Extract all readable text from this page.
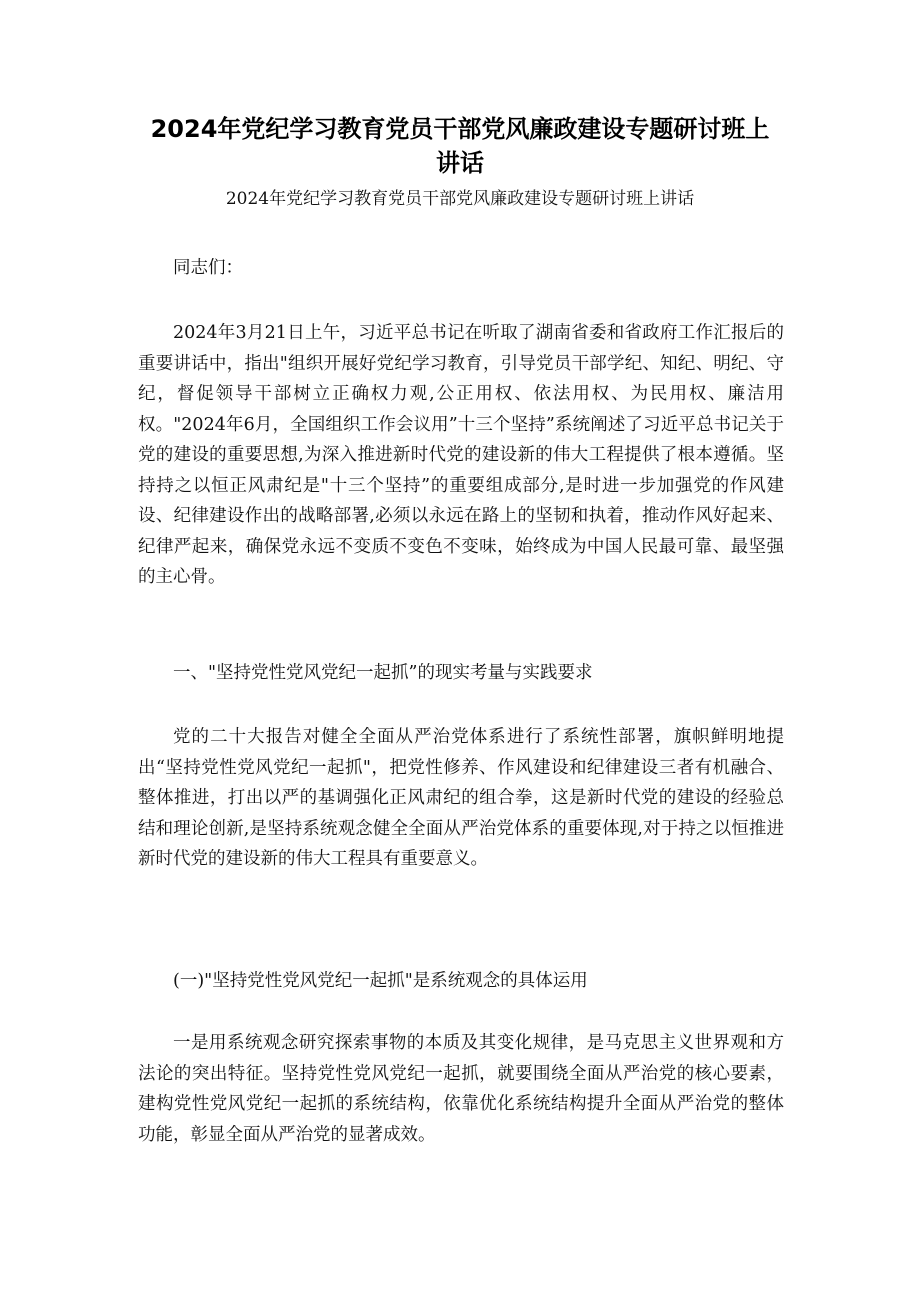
2024年党纪学习教育党员干部党风廉政建设专题研讨班上讲话
2024年党纪学习教育党员干部党风廉政建设专题研讨班上讲话

同志们：

2024年3月21日上午，习近平总书记在听取了湖南省委和省政府工作汇报后的重要讲话中，指出"组织开展好党纪学习教育，引导党员干部学纪、知纪、明纪、守纪，督促领导干部树立正确权力观,公正用权、依法用权、为民用权、廉洁用权。"2024年6月，全国组织工作会议用”十三个坚持”系统阐述了习近平总书记关于党的建设的重要思想,为深入推进新时代党的建设新的伟大工程提供了根本遵循。坚持持之以恒正风肃纪是"十三个坚持”的重要组成部分,是时进一步加强党的作风建设、纪律建设作出的战略部署,必须以永远在路上的坚韧和执着，推动作风好起来、纪律严起来，确保党永远不变质不变色不变味，始终成为中国人民最可靠、最坚强的主心骨。

一、"坚持党性党风党纪一起抓”的现实考量与实践要求

党的二十大报告对健全全面从严治党体系进行了系统性部署，旗帜鲜明地提出“坚持党性党风党纪一起抓"，把党性修养、作风建设和纪律建设三者有机融合、整体推进，打出以严的基调强化正风肃纪的组合拳，这是新时代党的建设的经验总结和理论创新,是坚持系统观念健全全面从严治党体系的重要体现,对于持之以恒推进新时代党的建设新的伟大工程具有重要意义。

(一)"坚持党性党风党纪一起抓"是系统观念的具体运用

一是用系统观念研究探索事物的本质及其变化规律，是马克思主义世界观和方法论的突出特征。坚持党性党风党纪一起抓，就要围绕全面从严治党的核心要素，建构党性党风党纪一起抓的系统结构，依靠优化系统结构提升全面从严治党的整体功能，彰显全面从严治党的显著成效。
